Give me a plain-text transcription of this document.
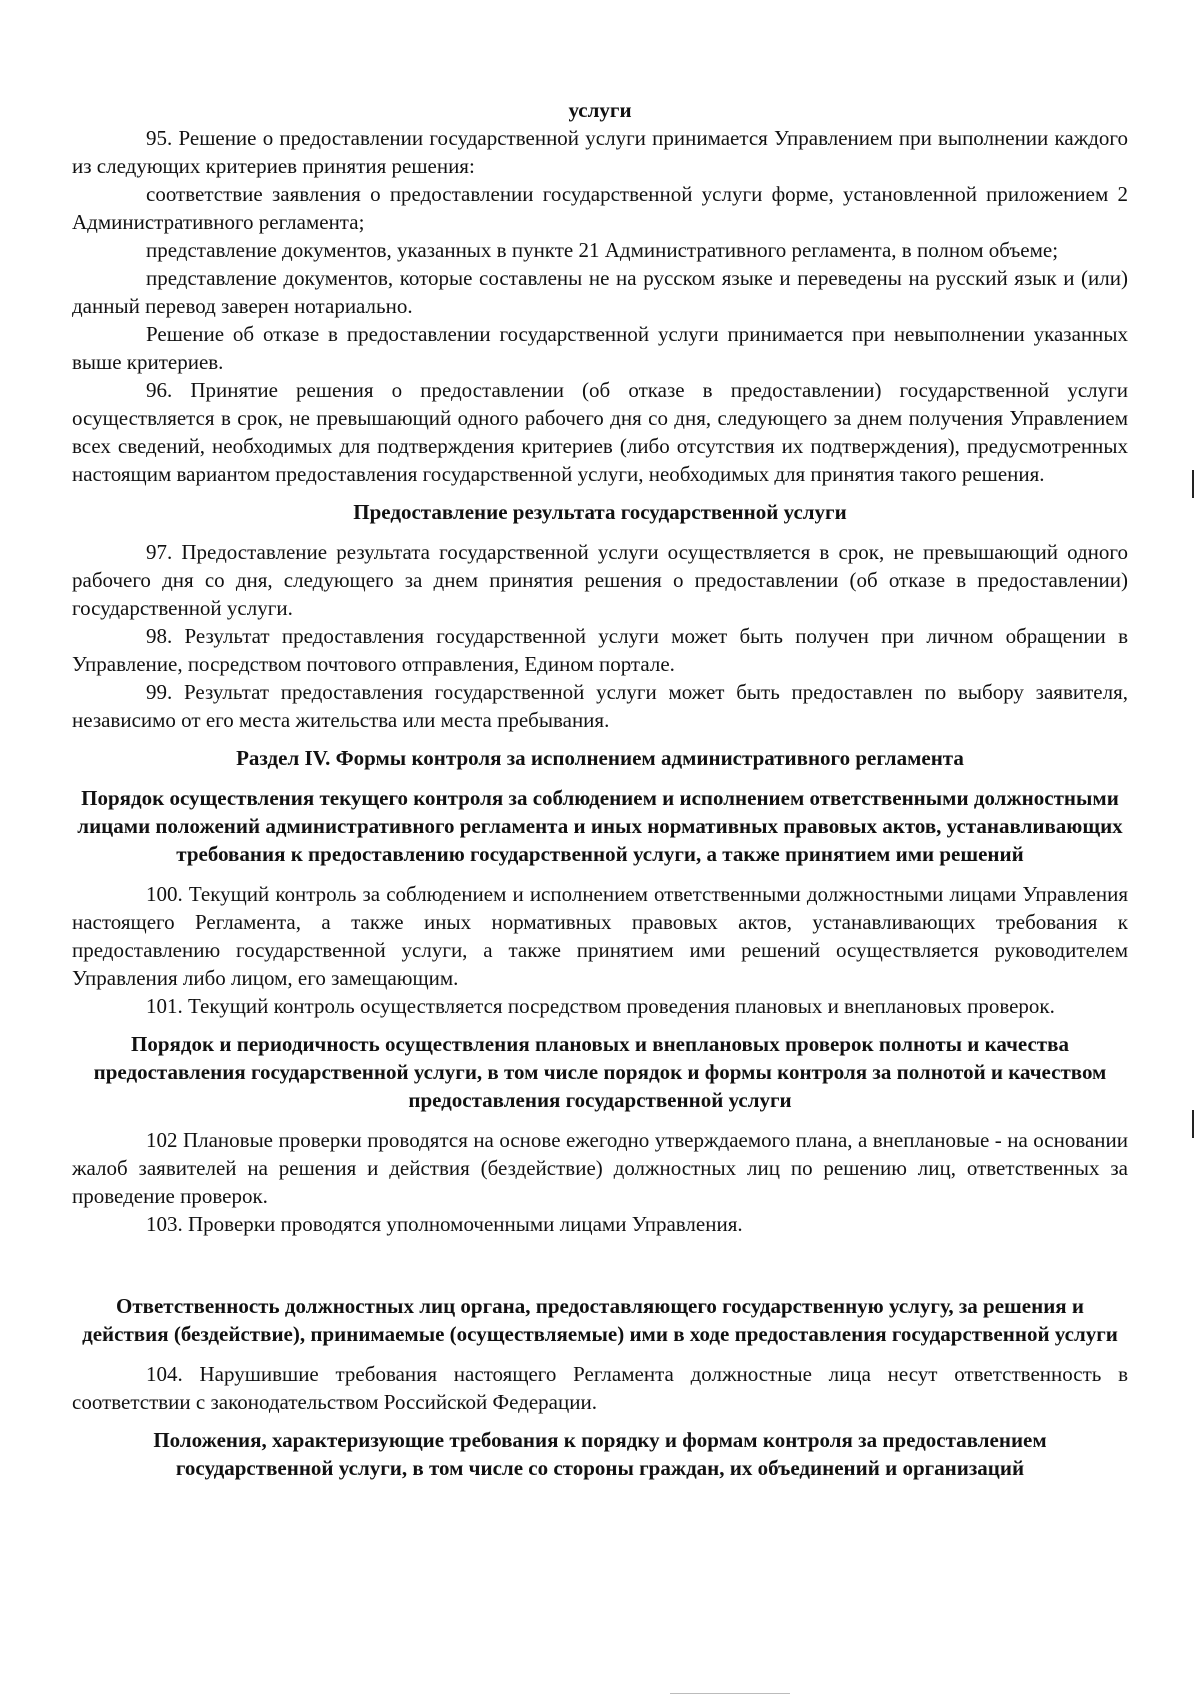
услуги

95. Решение о предоставлении государственной услуги принимается Управлением при выполнении каждого из следующих критериев принятия решения:

соответствие заявления о предоставлении государственной услуги форме, установленной приложением 2 Административного регламента;

представление документов, указанных в пункте 21 Административного регламента, в полном объеме;

представление документов, которые составлены не на русском языке и переведены на русский язык и (или) данный перевод заверен нотариально.

Решение об отказе в предоставлении государственной услуги принимается при невыполнении указанных выше критериев.

96. Принятие решения о предоставлении (об отказе в предоставлении) государственной услуги осуществляется в срок, не превышающий одного рабочего дня со дня, следующего за днем получения Управлением всех сведений, необходимых для подтверждения критериев (либо отсутствия их подтверждения), предусмотренных настоящим вариантом предоставления государственной услуги, необходимых для принятия такого решения.

Предоставление результата государственной услуги

97. Предоставление результата государственной услуги осуществляется в срок, не превышающий одного рабочего дня со дня, следующего за днем принятия решения о предоставлении (об отказе в предоставлении) государственной услуги.

98. Результат предоставления государственной услуги может быть получен при личном обращении в Управление, посредством почтового отправления, Едином портале.

99. Результат предоставления государственной услуги может быть предоставлен по выбору заявителя, независимо от его места жительства или места пребывания.

Раздел IV. Формы контроля за исполнением административного регламента

Порядок осуществления текущего контроля за соблюдением и исполнением ответственными должностными лицами положений административного регламента и иных нормативных правовых актов, устанавливающих требования к предоставлению государственной услуги, а также принятием ими решений

100. Текущий контроль за соблюдением и исполнением ответственными должностными лицами Управления настоящего Регламента, а также иных нормативных правовых актов, устанавливающих требования к предоставлению государственной услуги, а также принятием ими решений осуществляется руководителем Управления либо лицом, его замещающим.

101. Текущий контроль осуществляется посредством проведения плановых и внеплановых проверок.

Порядок и периодичность осуществления плановых и внеплановых проверок полноты и качества предоставления государственной услуги, в том числе порядок и формы контроля за полнотой и качеством предоставления государственной услуги

102 Плановые проверки проводятся на основе ежегодно утверждаемого плана, а внеплановые - на основании жалоб заявителей на решения и действия (бездействие) должностных лиц по решению лиц, ответственных за проведение проверок.

103. Проверки проводятся уполномоченными лицами Управления.

Ответственность должностных лиц органа, предоставляющего государственную услугу, за решения и действия (бездействие), принимаемые (осуществляемые) ими в ходе предоставления государственной услуги

104. Нарушившие требования настоящего Регламента должностные лица несут ответственность в соответствии с законодательством Российской Федерации.

Положения, характеризующие требования к порядку и формам контроля за предоставлением государственной услуги, в том числе со стороны граждан, их объединений и организаций
